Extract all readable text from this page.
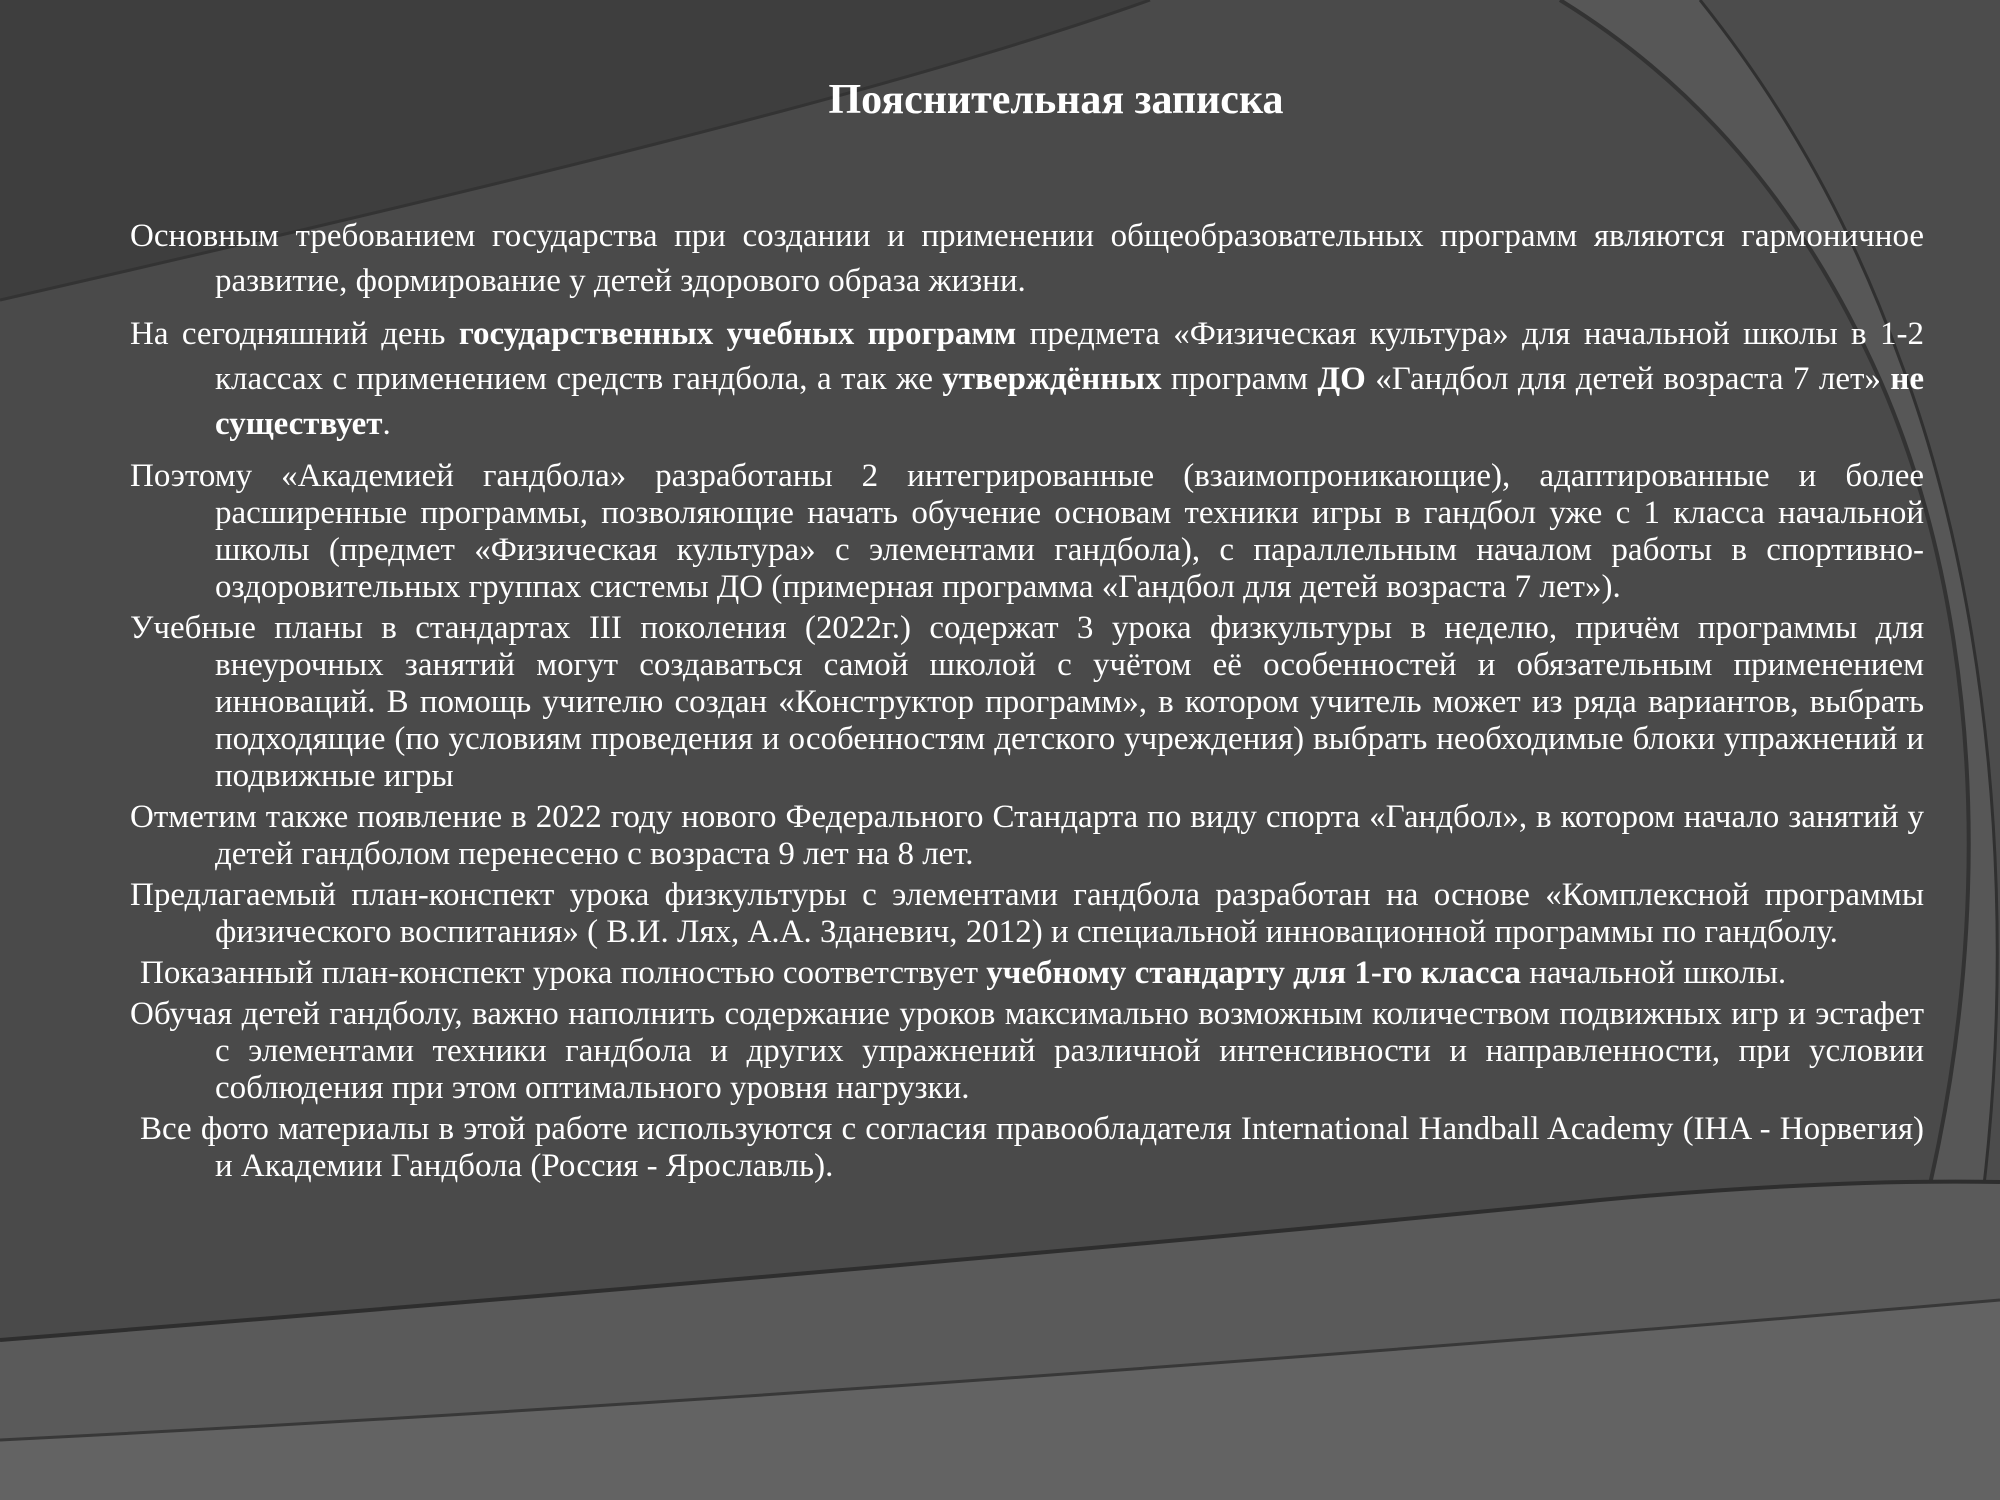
Пояснительная записка

Основным требованием государства при создании и применении общеобразовательных программ являются гармоничное развитие, формирование у детей здорового образа жизни.

На сегодняшний день государственных учебных программ предмета «Физическая культура» для начальной школы в 1-2 классах с применением средств гандбола, а так же утверждённых программ ДО «Гандбол для детей возраста 7 лет» не существует.

Поэтому «Академией гандбола» разработаны 2 интегрированные (взаимопроникающие), адаптированные и более расширенные программы, позволяющие начать обучение основам техники игры в гандбол уже с 1 класса начальной школы (предмет «Физическая культура» с элементами гандбола), с параллельным началом работы в спортивно-оздоровительных группах системы ДО (примерная программа «Гандбол для детей возраста 7 лет»).

Учебные планы в стандартах III поколения (2022г.) содержат 3 урока физкультуры в неделю, причём программы для внеурочных занятий могут создаваться самой школой с учётом её особенностей и обязательным применением инноваций. В помощь учителю создан «Конструктор программ», в котором учитель может из ряда вариантов, выбрать подходящие (по условиям проведения и особенностям детского учреждения) выбрать необходимые блоки упражнений и подвижные игры

Отметим также появление в 2022 году нового Федерального Стандарта по виду спорта «Гандбол», в котором начало занятий у детей гандболом перенесено с возраста 9 лет на 8 лет.

Предлагаемый план-конспект урока физкультуры с элементами гандбола разработан на основе «Комплексной программы физического воспитания» ( В.И. Лях, А.А. Зданевич, 2012) и специальной инновационной программы по гандболу.

Показанный план-конспект урока полностью соответствует учебному стандарту для 1-го класса начальной школы.

Обучая детей гандболу, важно наполнить содержание уроков максимально возможным количеством подвижных игр и эстафет с элементами техники гандбола и других упражнений различной интенсивности и направленности, при условии соблюдения при этом оптимального уровня нагрузки.

Все фото материалы в этой работе используются с согласия правообладателя International Handball Academy (IHA - Норвегия) и Академии Гандбола (Россия - Ярославль).
